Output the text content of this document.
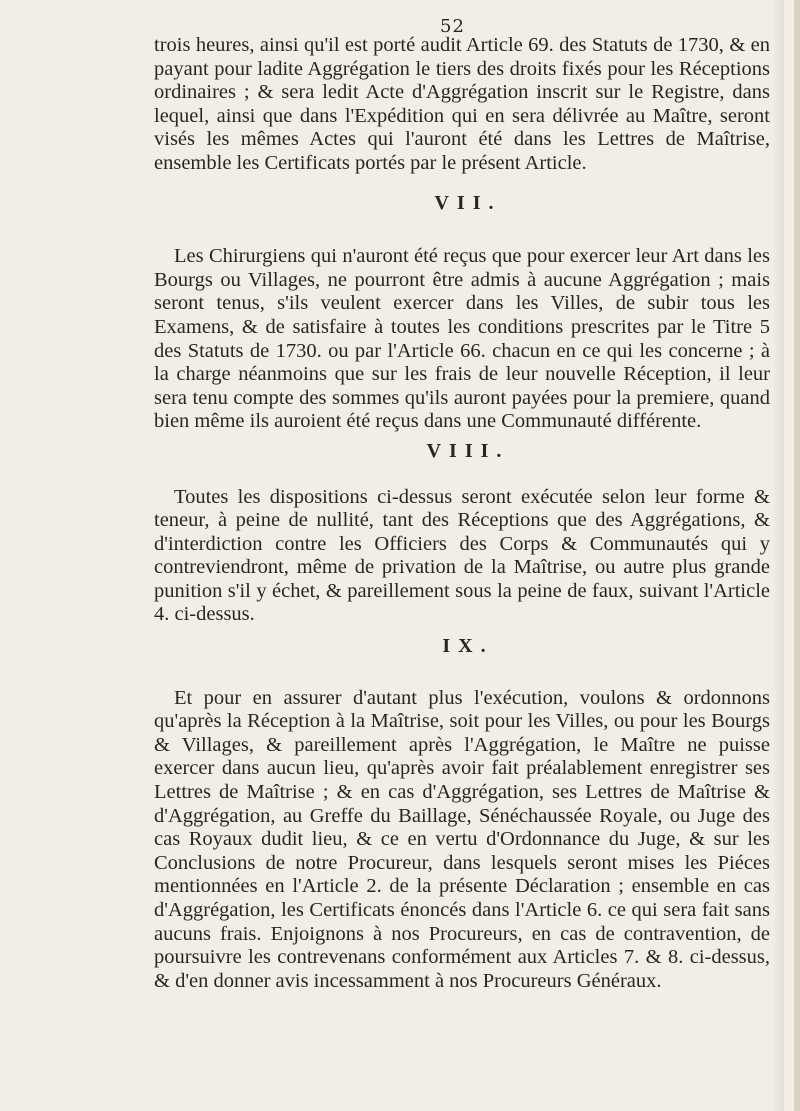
52

trois heures, ainsi qu'il est porté audit Article 69. des Statuts de 1730, & en payant pour ladite Aggrégation le tiers des droits fixés pour les Réceptions ordinaires ; & sera ledit Acte d'Aggrégation inscrit sur le Registre, dans lequel, ainsi que dans l'Expédition qui en sera délivrée au Maître, seront visés les mêmes Actes qui l'auront été dans les Lettres de Maîtrise, ensemble les Certificats portés par le présent Article.

VII.

Les Chirurgiens qui n'auront été reçus que pour exercer leur Art dans les Bourgs ou Villages, ne pourront être admis à aucune Aggrégation ; mais seront tenus, s'ils veulent exercer dans les Villes, de subir tous les Examens, & de satisfaire à toutes les conditions prescrites par le Titre 5 des Statuts de 1730. ou par l'Article 66. chacun en ce qui les concerne ; à la charge néanmoins que sur les frais de leur nouvelle Réception, il leur sera tenu compte des sommes qu'ils auront payées pour la premiere, quand bien même ils auroient été reçus dans une Communauté différente.

VIII.

Toutes les dispositions ci-dessus seront exécutée selon leur forme & teneur, à peine de nullité, tant des Réceptions que des Aggrégations, & d'interdiction contre les Officiers des Corps & Communautés qui y contreviendront, même de privation de la Maîtrise, ou autre plus grande punition s'il y échet, & pareillement sous la peine de faux, suivant l'Article 4. ci-dessus.

IX.

Et pour en assurer d'autant plus l'exécution, voulons & ordonnons qu'après la Réception à la Maîtrise, soit pour les Villes, ou pour les Bourgs & Villages, & pareillement après l'Aggrégation, le Maître ne puisse exercer dans aucun lieu, qu'après avoir fait préalablement enregistrer ses Lettres de Maîtrise ; & en cas d'Aggrégation, ses Lettres de Maîtrise & d'Aggrégation, au Greffe du Baillage, Sénéchaussée Royale, ou Juge des cas Royaux dudit lieu, & ce en vertu d'Ordonnance du Juge, & sur les Conclusions de notre Procureur, dans lesquels seront mises les Piéces mentionnées en l'Article 2. de la présente Déclaration ; ensemble en cas d'Aggrégation, les Certificats énoncés dans l'Article 6. ce qui sera fait sans aucuns frais. Enjoignons à nos Procureurs, en cas de contravention, de poursuivre les contrevenans conformément aux Articles 7. & 8. ci-dessus, & d'en donner avis incessamment à nos Procureurs Généraux.
